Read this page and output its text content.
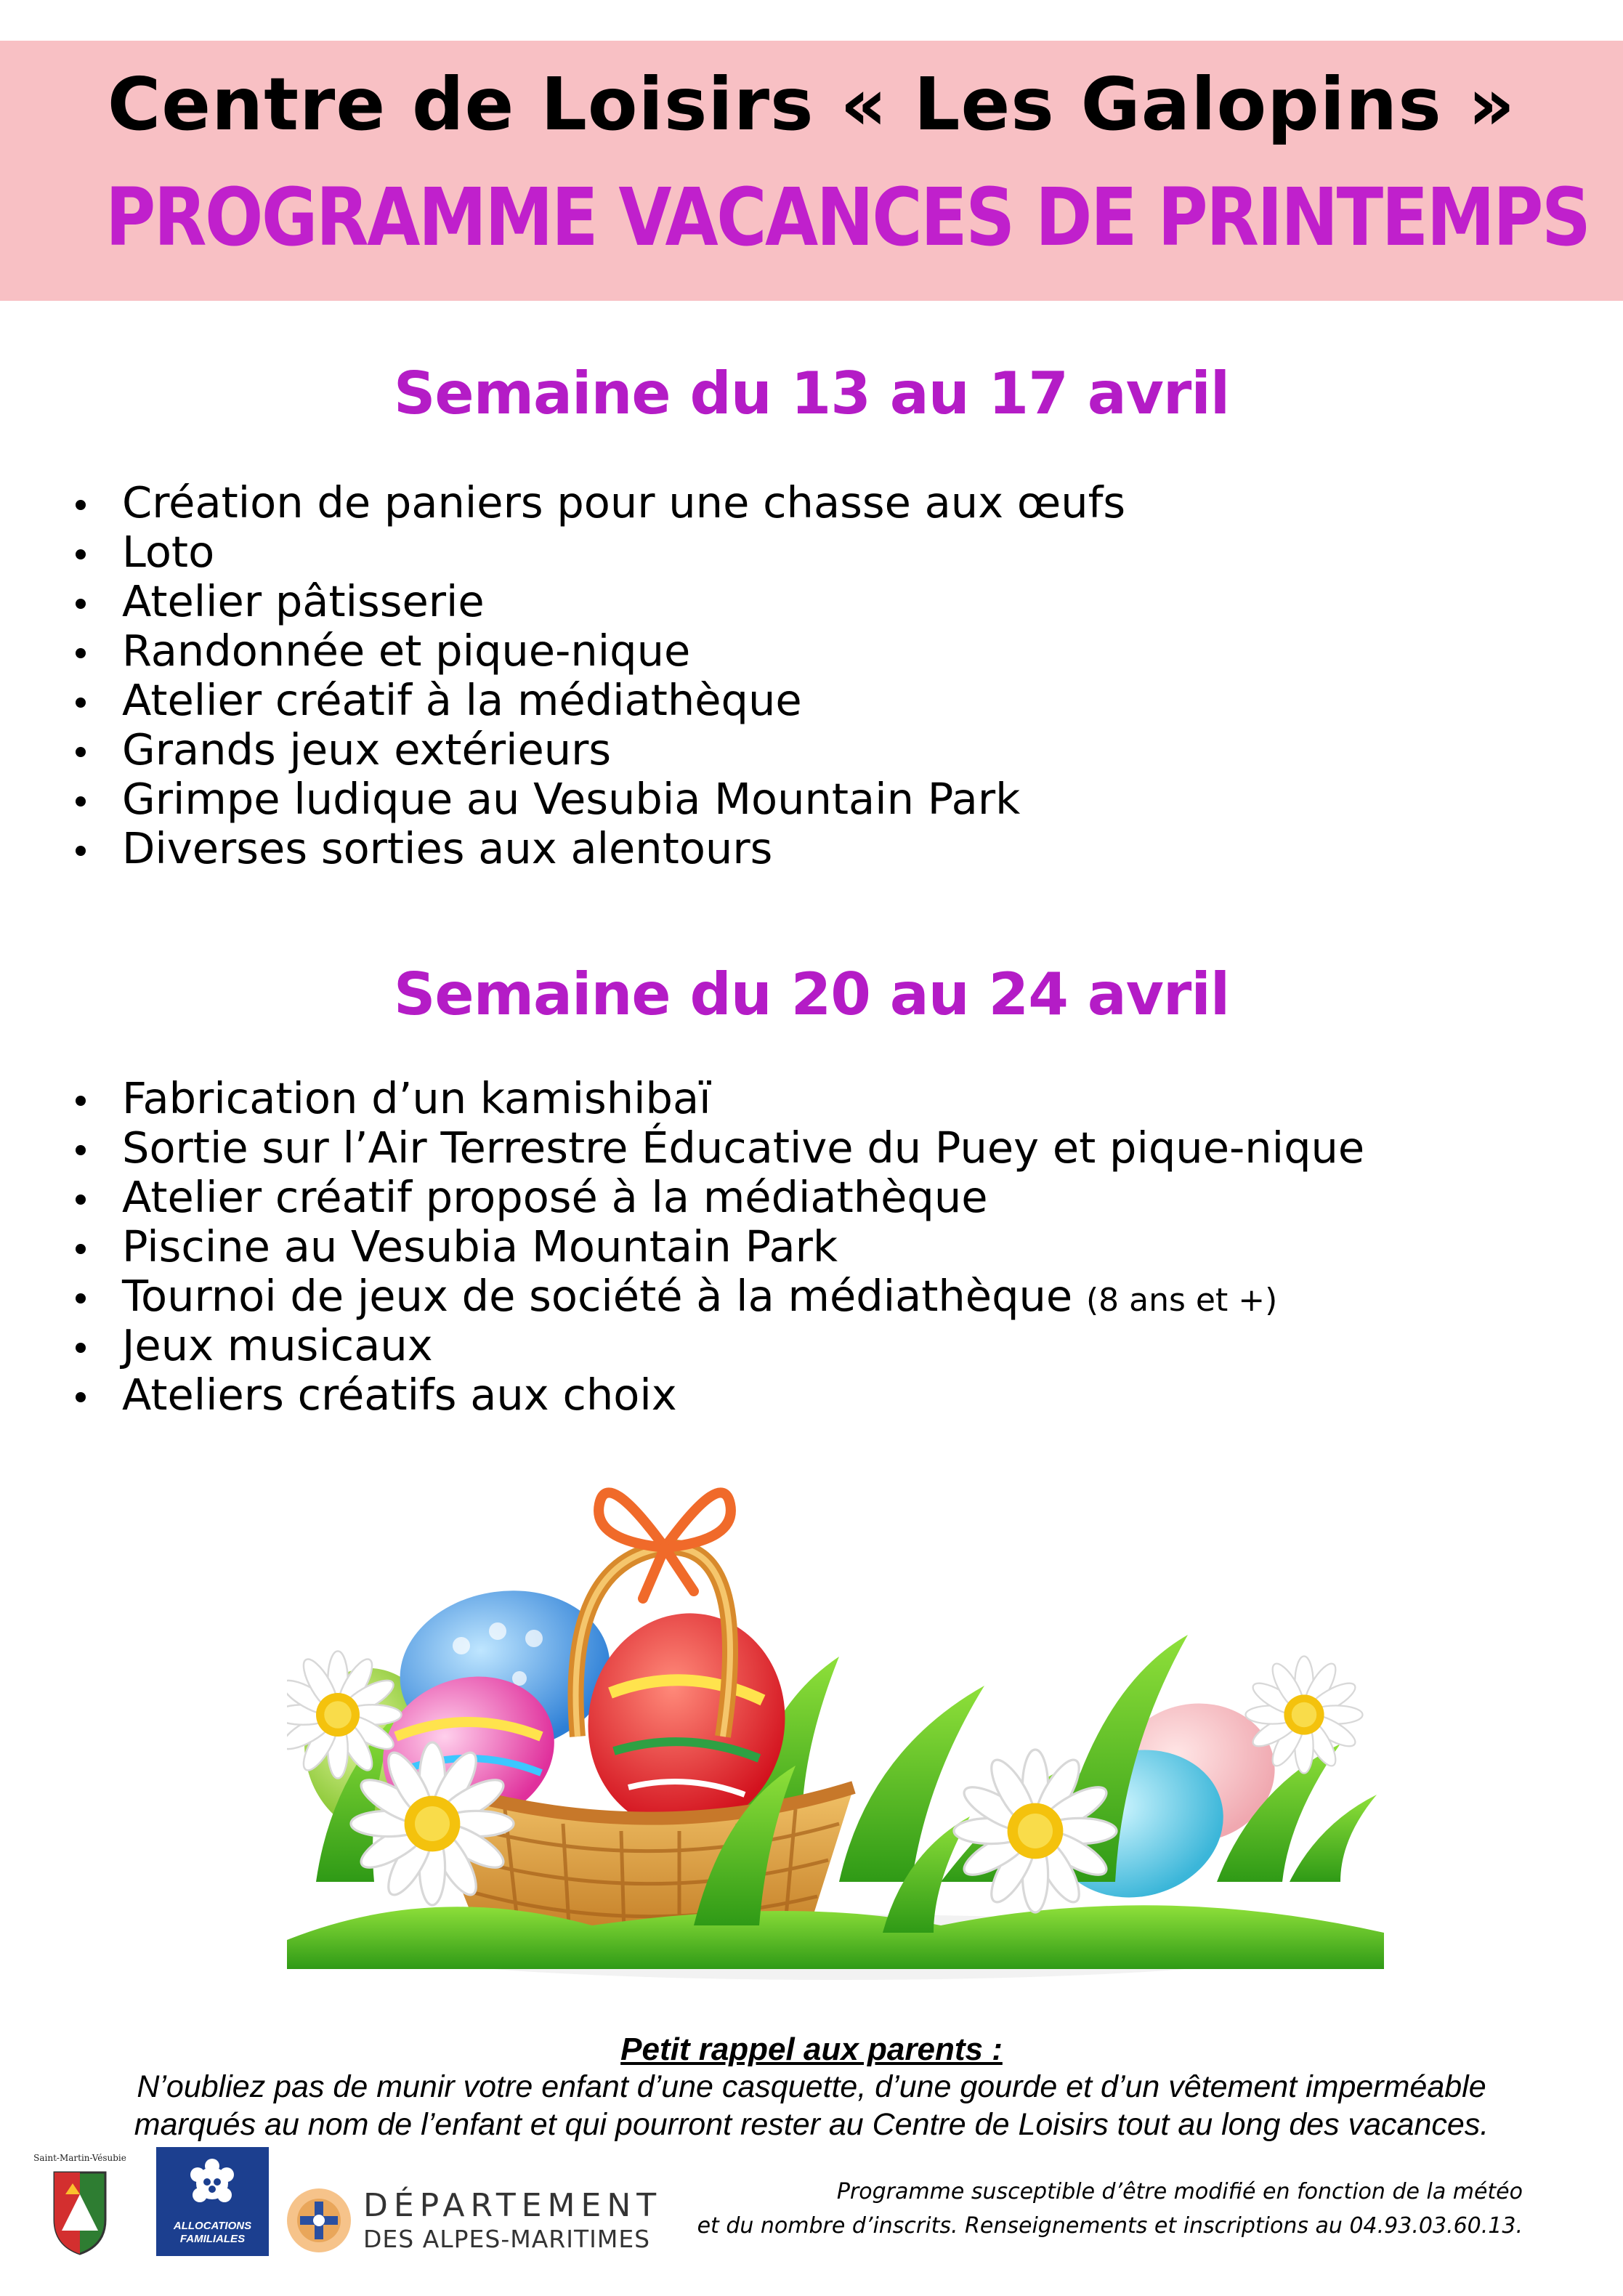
Centre de Loisirs « Les Galopins »
PROGRAMME VACANCES DE PRINTEMPS
Semaine du 13 au 17 avril
Création de paniers pour une chasse aux œufs
Loto
Atelier pâtisserie
Randonnée et pique-nique
Atelier créatif à la médiathèque
Grands jeux extérieurs
Grimpe ludique au Vesubia Mountain Park
Diverses sorties aux alentours
Semaine du 20 au 24 avril
Fabrication d’un kamishibaï
Sortie sur l’Air Terrestre Éducative du Puey et pique-nique
Atelier créatif proposé à la médiathèque
Piscine au Vesubia Mountain Park
Tournoi de jeux de société à la médiathèque (8 ans et +)
Jeux musicaux
Ateliers créatifs aux choix
Petit rappel aux parents :
N’oubliez pas de munir votre enfant d’une casquette, d’une gourde et d’un vêtement imperméable
marqués au nom de l’enfant et qui pourront rester au Centre de Loisirs tout au long des vacances.
Saint-Martin-Vésubie
ALLOCATIONS
FAMILIALES
DÉPARTEMENT
DES ALPES-MARITIMES
Programme susceptible d’être modifié en fonction de la météo
et du nombre d’inscrits. Renseignements et inscriptions au 04.93.03.60.13.
